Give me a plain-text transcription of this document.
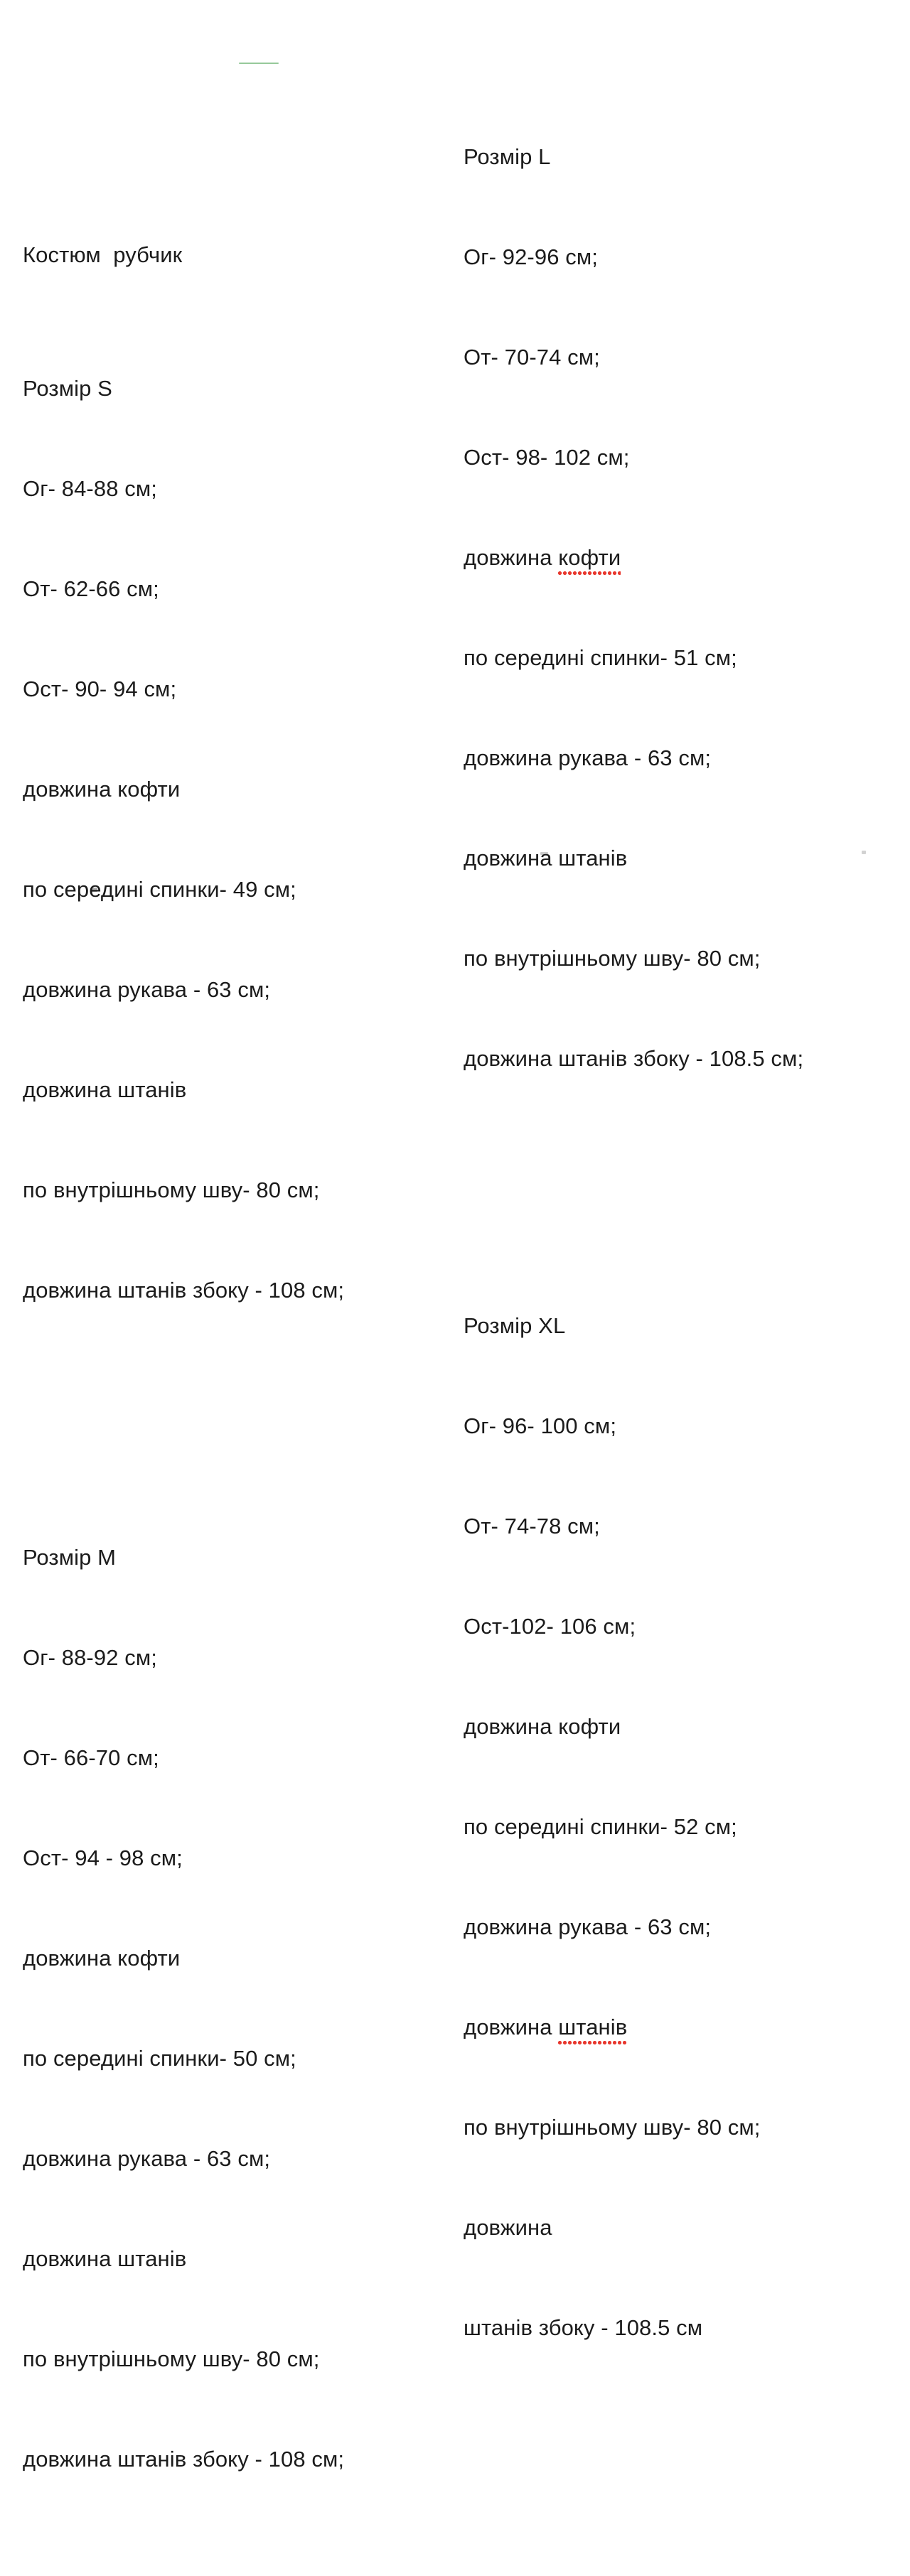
Костюм  рубчик

Розмір S

Ог- 84-88 см;

От- 62-66 см;

Ост- 90- 94 см;

довжина кофти

по середині спинки- 49 см;

довжина рукава - 63 см;

довжина штанів

по внутрішньому шву- 80 см;

довжина штанів збоку - 108 см;

Розмір M

Ог- 88-92 см;

От- 66-70 см;

Ост- 94 - 98 см;

довжина кофти

по середині спинки- 50 см;

довжина рукава - 63 см;

довжина штанів

по внутрішньому шву- 80 см;

довжина штанів збоку - 108 см;

Розмір L

Ог- 92-96 см;

От- 70-74 см;

Ост- 98- 102 см;

довжина кофти

по середині спинки- 51 см;

довжина рукава - 63 см;

довжина штанів

по внутрішньому шву- 80 см;

довжина штанів збоку - 108.5 см;

Розмір XL

Ог- 96- 100 см;

От- 74-78 см;

Ост-102- 106 см;

довжина кофти

по середині спинки- 52 см;

довжина рукава - 63 см;

довжина штанів

по внутрішньому шву- 80 см;

довжина

штанів збоку - 108.5 см
